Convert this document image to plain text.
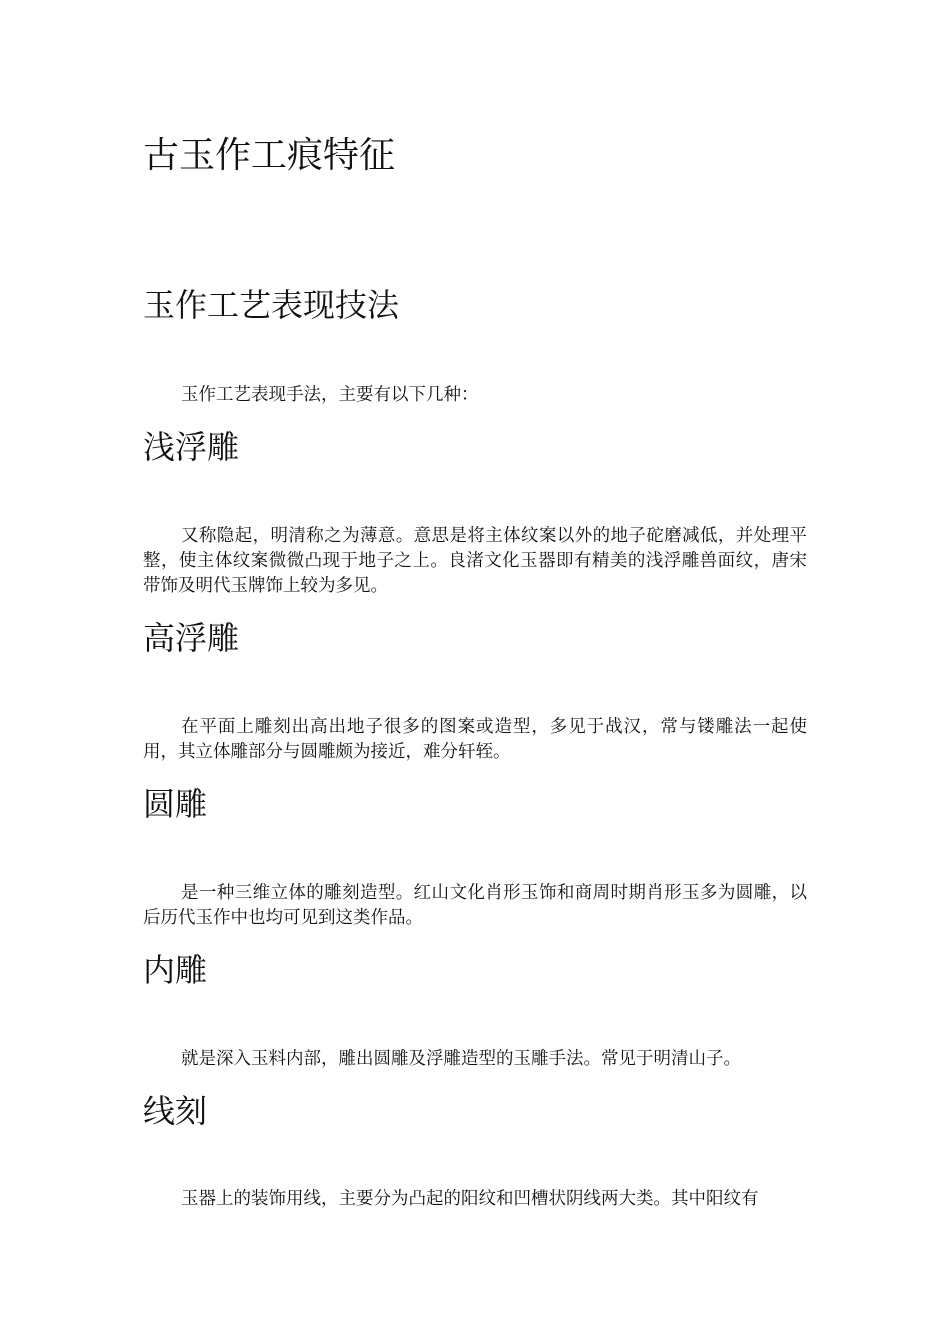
古玉作工痕特征
玉作工艺表现技法

玉作工艺表现手法，主要有以下几种：

浅浮雕

又称隐起，明清称之为薄意。意思是将主体纹案以外的地子砣磨减低，并处理平整，使主体纹案微微凸现于地子之上。良渚文化玉器即有精美的浅浮雕兽面纹，唐宋带饰及明代玉牌饰上较为多见。

高浮雕

在平面上雕刻出高出地子很多的图案或造型，多见于战汉，常与镂雕法一起使用，其立体雕部分与圆雕颇为接近，难分轩轾。

圆雕

是一种三维立体的雕刻造型。红山文化肖形玉饰和商周时期肖形玉多为圆雕，以后历代玉作中也均可见到这类作品。

内雕

就是深入玉料内部，雕出圆雕及浮雕造型的玉雕手法。常见于明清山子。

线刻

玉器上的装饰用线，主要分为凸起的阳纹和凹槽状阴线两大类。其中阳纹有
